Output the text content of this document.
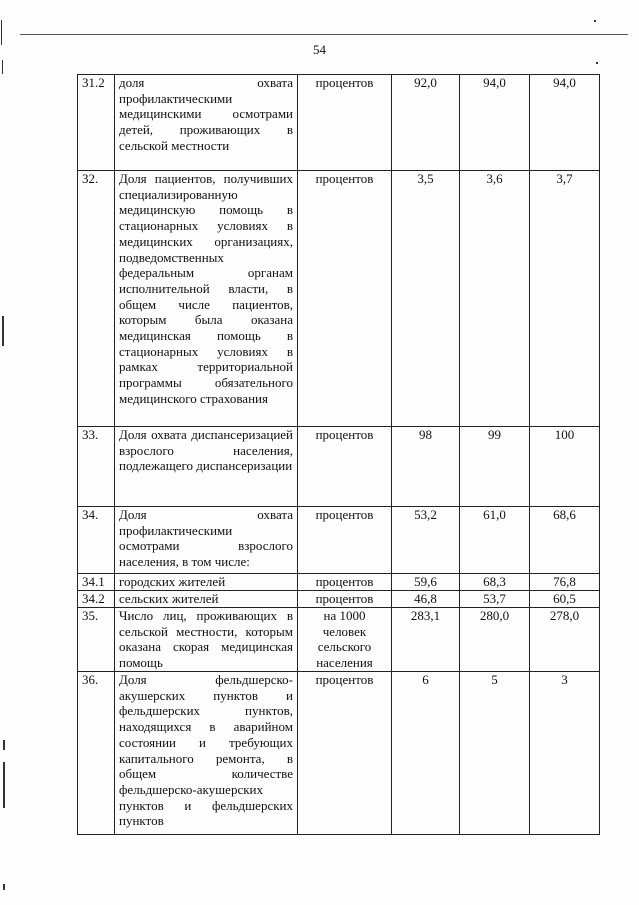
54
31.2	доля охвата профилактическими медицинскими осмотрами детей, проживающих в сельской местности	процентов	92,0	94,0	94,0
32.	Доля пациентов, получивших специализированную медицинскую помощь в стационарных условиях в медицинских организациях, подведомственных федеральным органам исполнительной власти, в общем числе пациентов, которым была оказана медицинская помощь в стационарных условиях в рамках территориальной программы обязательного медицинского страхования	процентов	3,5	3,6	3,7
33.	Доля охвата диспансеризацией взрослого населения, подлежащего диспансеризации	процентов	98	99	100
34.	Доля охвата профилактическими осмотрами взрослого населения, в том числе:	процентов	53,2	61,0	68,6
34.1	городских жителей	процентов	59,6	68,3	76,8
34.2	сельских жителей	процентов	46,8	53,7	60,5
35.	Число лиц, проживающих в сельской местности, которым оказана скорая медицинская помощь	на 1000 человек сельского населения	283,1	280,0	278,0
36.	Доля фельдшерско-акушерских пунктов и фельдшерских пунктов, находящихся в аварийном состоянии и требующих капитального ремонта, в общем количестве фельдшерско-акушерских пунктов и фельдшерских пунктов	процентов	6	5	3
